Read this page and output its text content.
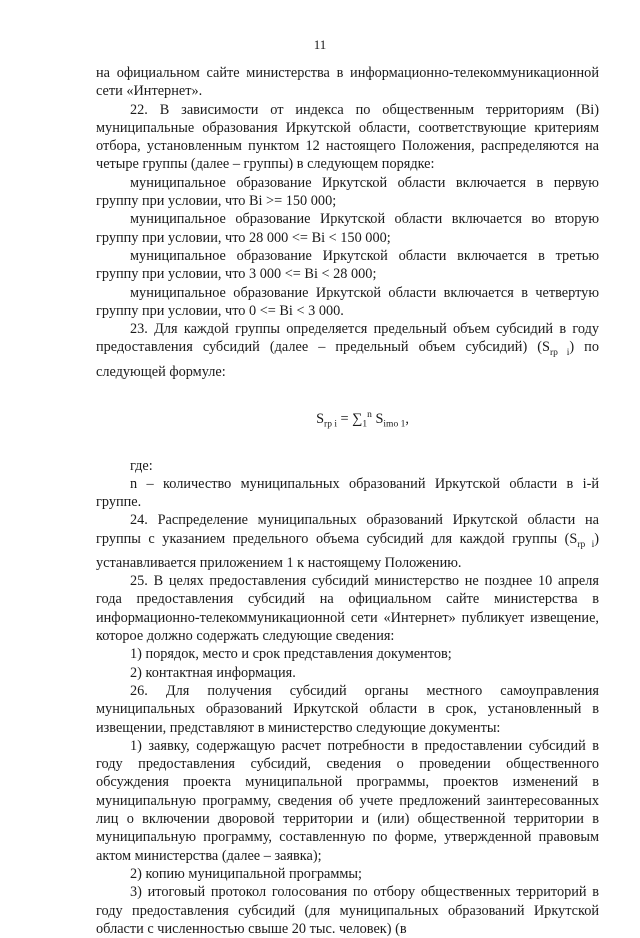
11

на официальном сайте министерства в информационно-телекоммуникационной сети «Интернет».

22. В зависимости от индекса по общественным территориям (Bi) муниципальные образования Иркутской области, соответствующие критериям отбора, установленным пунктом 12 настоящего Положения, распределяются на четыре группы (далее – группы) в следующем порядке:

муниципальное образование Иркутской области включается в первую группу при условии, что Bi >= 150 000;

муниципальное образование Иркутской области включается во вторую группу при условии, что 28 000 <= Bi < 150 000;

муниципальное образование Иркутской области включается в третью группу при условии, что 3 000 <= Bi < 28 000;

муниципальное образование Иркутской области включается в четвертую группу при условии, что 0 <= Bi < 3 000.

23. Для каждой группы определяется предельный объем субсидий в году предоставления субсидий (далее – предельный объем субсидий) $(S_{rp i})$ по следующей формуле:

$S_{rp i} = \sum_1^n$ $S_{imo 1}$,

где:

n – количество муниципальных образований Иркутской области в i-й группе.

24. Распределение муниципальных образований Иркутской области на группы с указанием предельного объема субсидий для каждой группы $(S_{rp i})$ устанавливается приложением 1 к настоящему Положению.

25. В целях предоставления субсидий министерство не позднее 10 апреля года предоставления субсидий на официальном сайте министерства в информационно-телекоммуникационной сети «Интернет» публикует извещение, которое должно содержать следующие сведения:

1) порядок, место и срок представления документов;

2) контактная информация.

26. Для получения субсидий органы местного самоуправления муниципальных образований Иркутской области в срок, установленный в извещении, представляют в министерство следующие документы:

1) заявку, содержащую расчет потребности в предоставлении субсидий в году предоставления субсидий, сведения о проведении общественного обсуждения проекта муниципальной программы, проектов изменений в муниципальную программу, сведения об учете предложений заинтересованных лиц о включении дворовой территории и (или) общественной территории в муниципальную программу, составленную по форме, утвержденной правовым актом министерства (далее – заявка);

2) копию муниципальной программы;

3) итоговый протокол голосования по отбору общественных территорий в году предоставления субсидий (для муниципальных образований Иркутской области с численностью свыше 20 тыс. человек) (в
